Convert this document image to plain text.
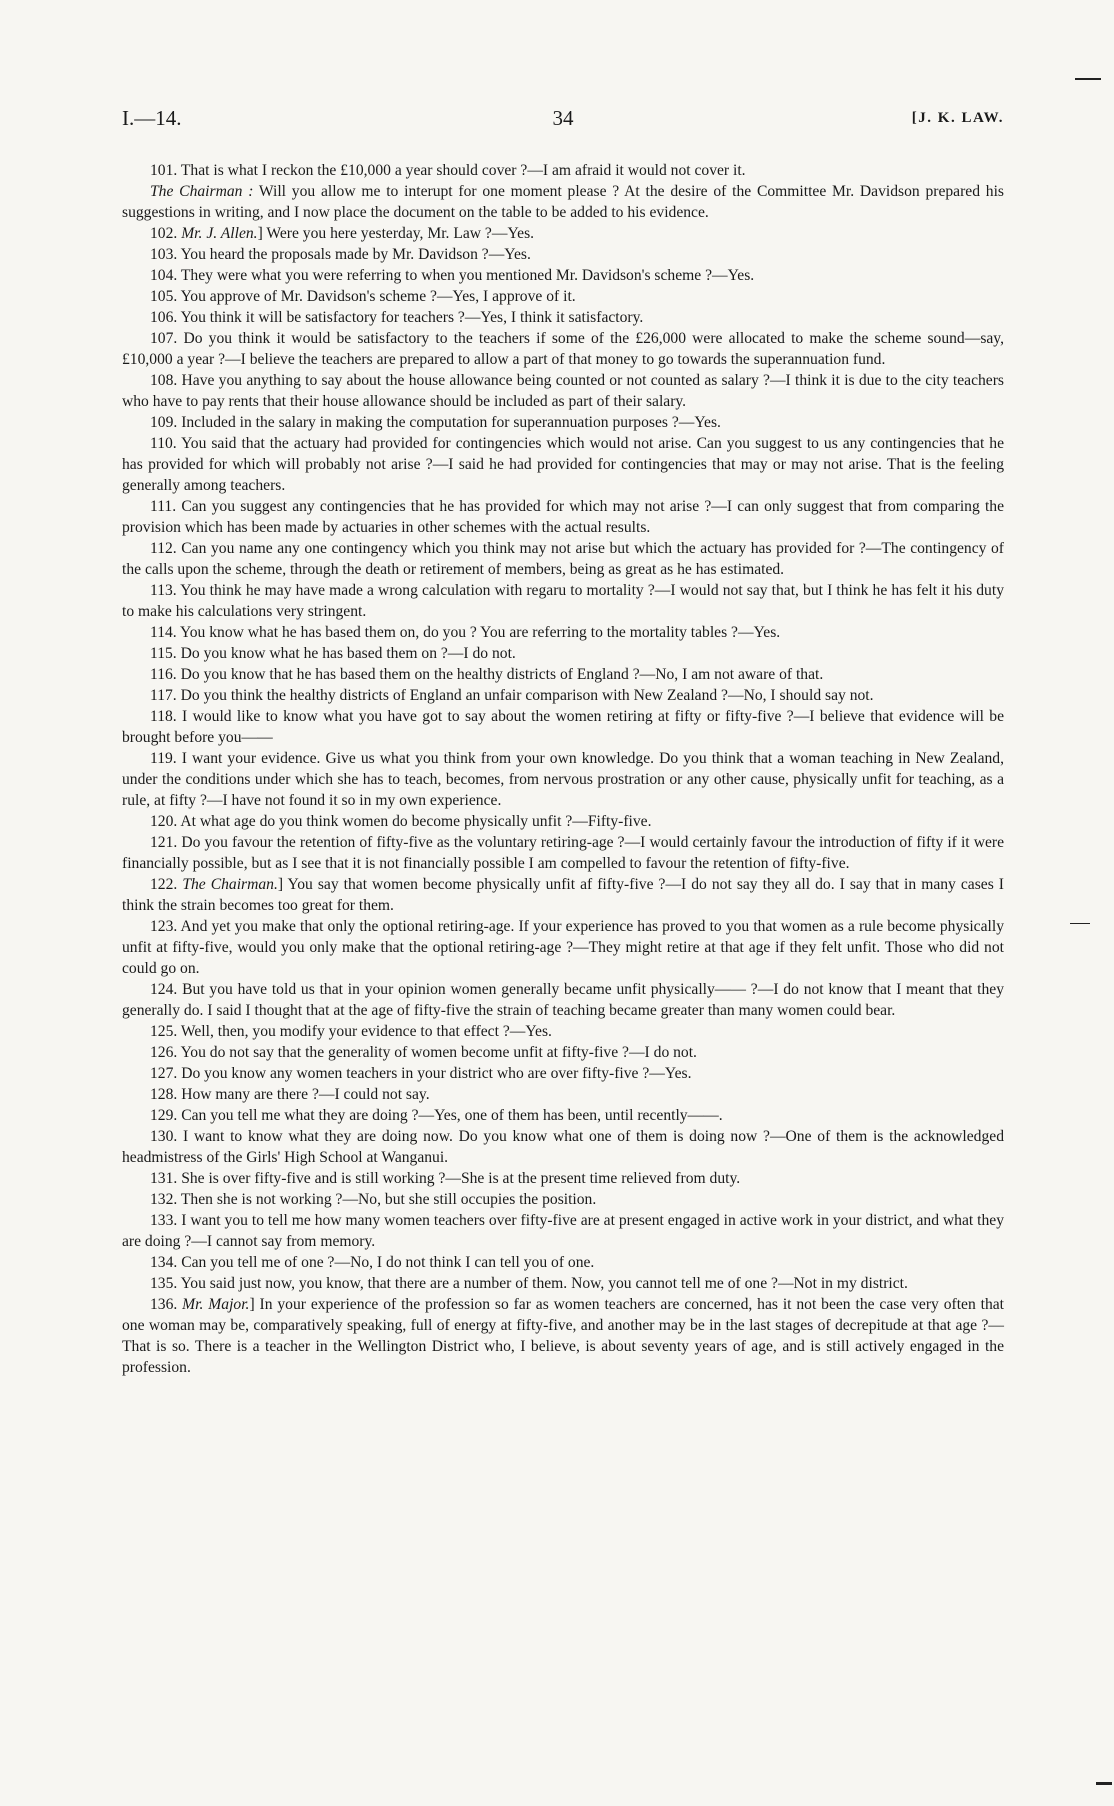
I.—14.	34	[J. K. LAW.

101. That is what I reckon the £10,000 a year should cover ?—I am afraid it would not cover it.

The Chairman : Will you allow me to interupt for one moment please ? At the desire of the Committee Mr. Davidson prepared his suggestions in writing, and I now place the document on the table to be added to his evidence.

102. Mr. J. Allen.] Were you here yesterday, Mr. Law ?—Yes.

103. You heard the proposals made by Mr. Davidson ?—Yes.

104. They were what you were referring to when you mentioned Mr. Davidson's scheme ?—Yes.

105. You approve of Mr. Davidson's scheme ?—Yes, I approve of it.

106. You think it will be satisfactory for teachers ?—Yes, I think it satisfactory.

107. Do you think it would be satisfactory to the teachers if some of the £26,000 were allocated to make the scheme sound—say, £10,000 a year ?—I believe the teachers are prepared to allow a part of that money to go towards the superannuation fund.

108. Have you anything to say about the house allowance being counted or not counted as salary ?—I think it is due to the city teachers who have to pay rents that their house allowance should be included as part of their salary.

109. Included in the salary in making the computation for superannuation purposes ?—Yes.

110. You said that the actuary had provided for contingencies which would not arise. Can you suggest to us any contingencies that he has provided for which will probably not arise ?—I said he had provided for contingencies that may or may not arise. That is the feeling generally among teachers.

111. Can you suggest any contingencies that he has provided for which may not arise ?—I can only suggest that from comparing the provision which has been made by actuaries in other schemes with the actual results.

112. Can you name any one contingency which you think may not arise but which the actuary has provided for ?—The contingency of the calls upon the scheme, through the death or retirement of members, being as great as he has estimated.

113. You think he may have made a wrong calculation with regaru to mortality ?—I would not say that, but I think he has felt it his duty to make his calculations very stringent.

114. You know what he has based them on, do you ? You are referring to the mortality tables ?—Yes.

115. Do you know what he has based them on ?—I do not.

116. Do you know that he has based them on the healthy districts of England ?—No, I am not aware of that.

117. Do you think the healthy districts of England an unfair comparison with New Zealand ?—No, I should say not.

118. I would like to know what you have got to say about the women retiring at fifty or fifty-five ?—I believe that evidence will be brought before you——

119. I want your evidence. Give us what you think from your own knowledge. Do you think that a woman teaching in New Zealand, under the conditions under which she has to teach, becomes, from nervous prostration or any other cause, physically unfit for teaching, as a rule, at fifty ?—I have not found it so in my own experience.

120. At what age do you think women do become physically unfit ?—Fifty-five.

121. Do you favour the retention of fifty-five as the voluntary retiring-age ?—I would certainly favour the introduction of fifty if it were financially possible, but as I see that it is not financially possible I am compelled to favour the retention of fifty-five.

122. The Chairman.] You say that women become physically unfit af fifty-five ?—I do not say they all do. I say that in many cases I think the strain becomes too great for them.

123. And yet you make that only the optional retiring-age. If your experience has proved to you that women as a rule become physically unfit at fifty-five, would you only make that the optional retiring-age ?—They might retire at that age if they felt unfit. Those who did not could go on.

124. But you have told us that in your opinion women generally became unfit physically—— ?—I do not know that I meant that they generally do. I said I thought that at the age of fifty-five the strain of teaching became greater than many women could bear.

125. Well, then, you modify your evidence to that effect ?—Yes.

126. You do not say that the generality of women become unfit at fifty-five ?—I do not.

127. Do you know any women teachers in your district who are over fifty-five ?—Yes.

128. How many are there ?—I could not say.

129. Can you tell me what they are doing ?—Yes, one of them has been, until recently——.

130. I want to know what they are doing now. Do you know what one of them is doing now ?—One of them is the acknowledged headmistress of the Girls' High School at Wanganui.

131. She is over fifty-five and is still working ?—She is at the present time relieved from duty.

132. Then she is not working ?—No, but she still occupies the position.

133. I want you to tell me how many women teachers over fifty-five are at present engaged in active work in your district, and what they are doing ?—I cannot say from memory.

134. Can you tell me of one ?—No, I do not think I can tell you of one.

135. You said just now, you know, that there are a number of them. Now, you cannot tell me of one ?—Not in my district.

136. Mr. Major.] In your experience of the profession so far as women teachers are concerned, has it not been the case very often that one woman may be, comparatively speaking, full of energy at fifty-five, and another may be in the last stages of decrepitude at that age ?—That is so. There is a teacher in the Wellington District who, I believe, is about seventy years of age, and is still actively engaged in the profession.
